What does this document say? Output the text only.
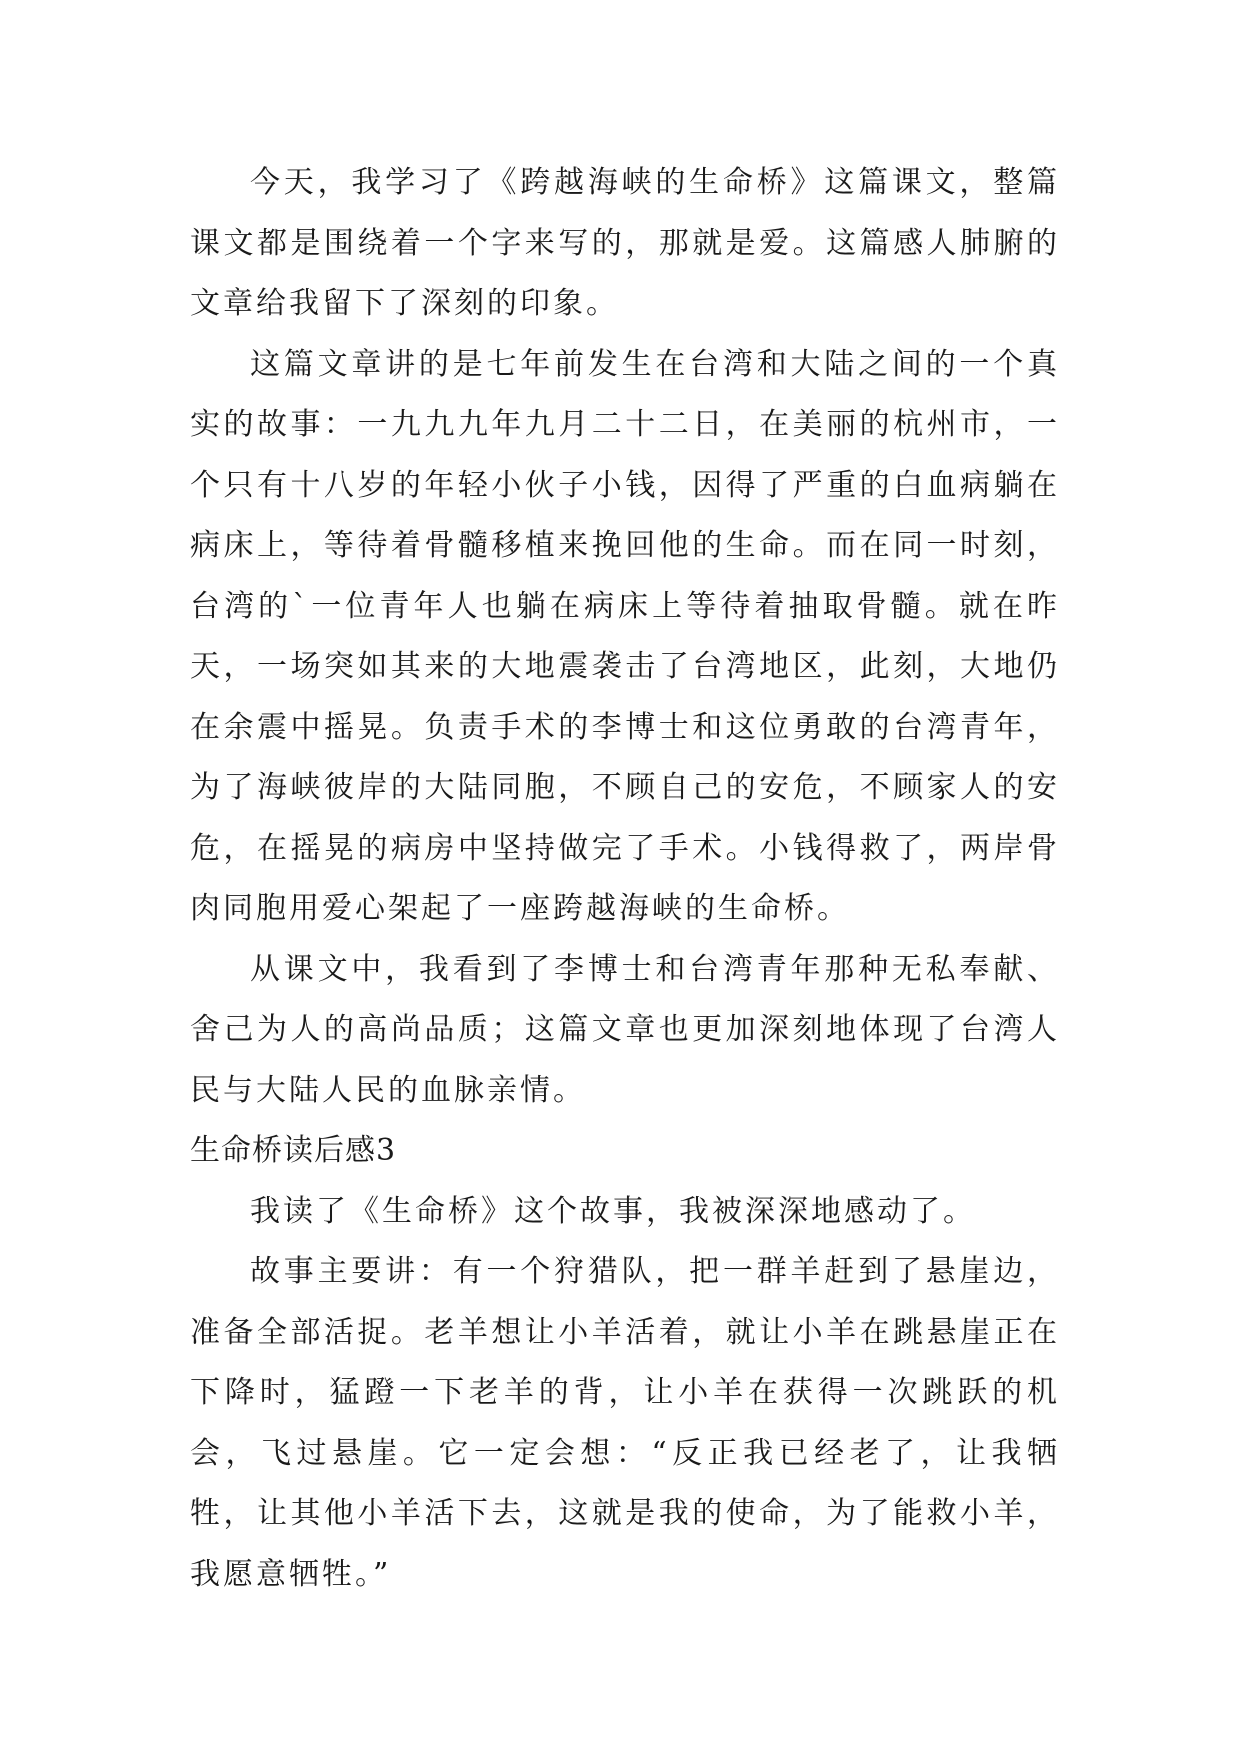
今天，我学习了《跨越海峡的生命桥》这篇课文，整篇课文都是围绕着一个字来写的，那就是爱。这篇感人肺腑的文章给我留下了深刻的印象。

这篇文章讲的是七年前发生在台湾和大陆之间的一个真实的故事：一九九九年九月二十二日，在美丽的杭州市，一个只有十八岁的年轻小伙子小钱，因得了严重的白血病躺在病床上，等待着骨髓移植来挽回他的生命。而在同一时刻，台湾的`一位青年人也躺在病床上等待着抽取骨髓。就在昨天，一场突如其来的大地震袭击了台湾地区，此刻，大地仍在余震中摇晃。负责手术的李博士和这位勇敢的台湾青年，为了海峡彼岸的大陆同胞，不顾自己的安危，不顾家人的安危，在摇晃的病房中坚持做完了手术。小钱得救了，两岸骨肉同胞用爱心架起了一座跨越海峡的生命桥。

从课文中，我看到了李博士和台湾青年那种无私奉献、舍己为人的高尚品质；这篇文章也更加深刻地体现了台湾人民与大陆人民的血脉亲情。

生命桥读后感3

我读了《生命桥》这个故事，我被深深地感动了。

故事主要讲：有一个狩猎队，把一群羊赶到了悬崖边，准备全部活捉。老羊想让小羊活着，就让小羊在跳悬崖正在下降时，猛蹬一下老羊的背，让小羊在获得一次跳跃的机会，飞过悬崖。它一定会想：“反正我已经老了，让我牺牲，让其他小羊活下去，这就是我的使命，为了能救小羊，我愿意牺牲。”
